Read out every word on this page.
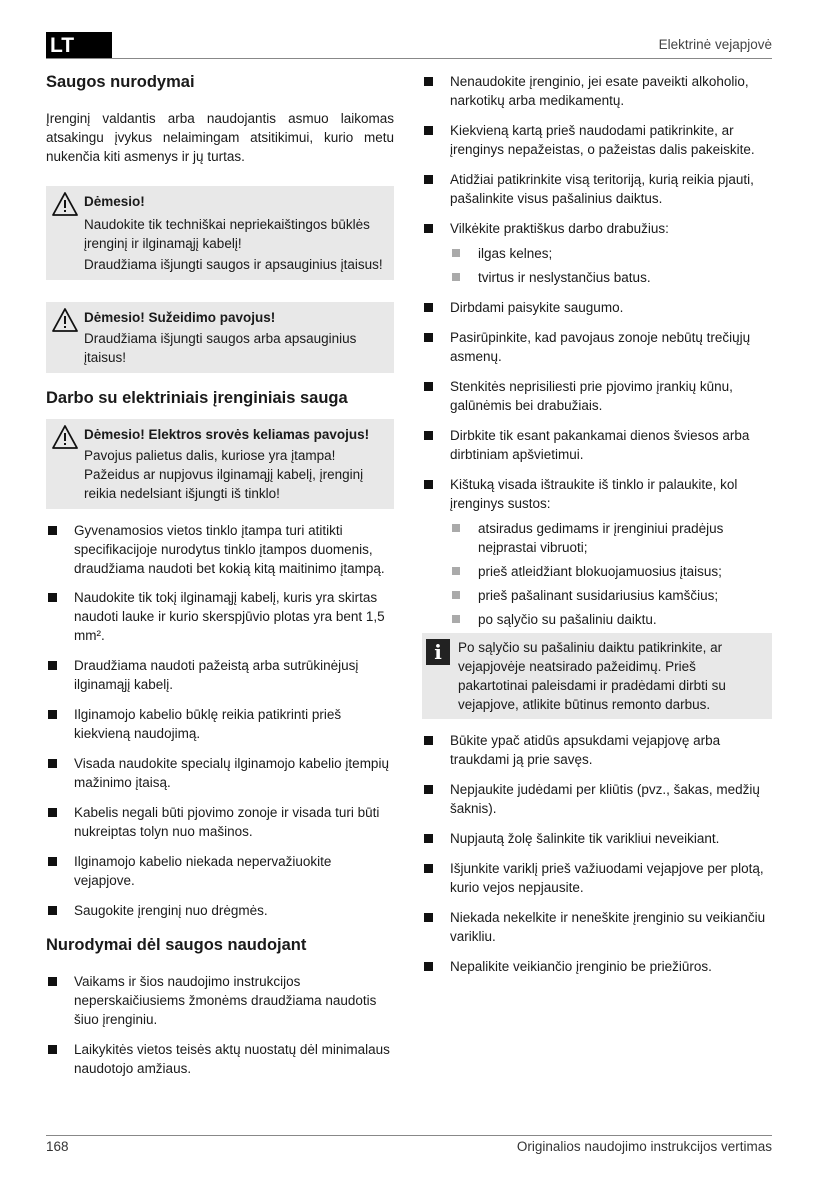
LT	Elektrinė vejapjovė
Saugos nurodymai

Įrenginį valdantis arba naudojantis asmuo laikomas atsakingu įvykus nelaimingam atsitikimui, kurio metu nukenčia kiti asmenys ir jų turtas.

Dėmesio!
Naudokite tik techniškai nepriekaištingos būklės įrenginį ir ilginamąjį kabelį!
Draudžiama išjungti saugos ir apsauginius įtaisus!
Dėmesio! Sužeidimo pavojus!
Draudžiama išjungti saugos arba apsauginius įtaisus!
Darbo su elektriniais įrenginiais sauga
Dėmesio! Elektros srovės keliamas pavojus!
Pavojus palietus dalis, kuriose yra įtampa! Pažeidus ar nupjovus ilginamąjį kabelį, įrenginį reikia nedelsiant išjungti iš tinklo!
Gyvenamosios vietos tinklo įtampa turi atitikti specifikacijoje nurodytus tinklo įtampos duomenis, draudžiama naudoti bet kokią kitą maitinimo įtampą.
Naudokite tik tokį ilginamąjį kabelį, kuris yra skirtas naudoti lauke ir kurio skerspjūvio plotas yra bent 1,5 mm².
Draudžiama naudoti pažeistą arba sutrūkinėjusį ilginamąjį kabelį.
Ilginamojo kabelio būklę reikia patikrinti prieš kiekvieną naudojimą.
Visada naudokite specialų ilginamojo kabelio įtempių mažinimo įtaisą.
Kabelis negali būti pjovimo zonoje ir visada turi būti nukreiptas tolyn nuo mašinos.
Ilginamojo kabelio niekada nepervažiuokite vejapjove.
Saugokite įrenginį nuo drėgmės.
Nurodymai dėl saugos naudojant
Vaikams ir šios naudojimo instrukcijos neperskaičiusiems žmonėms draudžiama naudotis šiuo įrenginiu.
Laikykitės vietos teisės aktų nuostatų dėl minimalaus naudotojo amžiaus.
Nenaudokite įrenginio, jei esate paveikti alkoholio, narkotikų arba medikamentų.
Kiekvieną kartą prieš naudodami patikrinkite, ar įrenginys nepažeistas, o pažeistas dalis pakeiskite.
Atidžiai patikrinkite visą teritoriją, kurią reikia pjauti, pašalinkite visus pašalinius daiktus.
Vilkėkite praktiškus darbo drabužius:
ilgas kelnes;
tvirtus ir neslystančius batus.
Dirbdami paisykite saugumo.
Pasirūpinkite, kad pavojaus zonoje nebūtų trečiųjų asmenų.
Stenkitės neprisiliesti prie pjovimo įrankių kūnu, galūnėmis bei drabužiais.
Dirbkite tik esant pakankamai dienos šviesos arba dirbtiniam apšvietimui.
Kištuką visada ištraukite iš tinklo ir palaukite, kol įrenginys sustos:
atsiradus gedimams ir įrenginiui pradėjus neįprastai vibruoti;
prieš atleidžiant blokuojamuosius įtaisus;
prieš pašalinant susidariusius kamščius;
po sąlyčio su pašaliniu daiktu.
i	Po sąlyčio su pašaliniu daiktu patikrinkite, ar vejapjovėje neatsirado pažeidimų. Prieš pakartotinai paleisdami ir pradėdami dirbti su vejapjove, atlikite būtinus remonto darbus.
Būkite ypač atidūs apsukdami vejapjovę arba traukdami ją prie savęs.
Nepjaukite judėdami per kliūtis (pvz., šakas, medžių šaknis).
Nupjautą žolę šalinkite tik varikliui neveikiant.
Išjunkite variklį prieš važiuodami vejapjove per plotą, kurio vejos nepjausite.
Niekada nekelkite ir neneškite įrenginio su veikiančiu varikliu.
Nepalikite veikiančio įrenginio be priežiūros.
168	Originalios naudojimo instrukcijos vertimas
